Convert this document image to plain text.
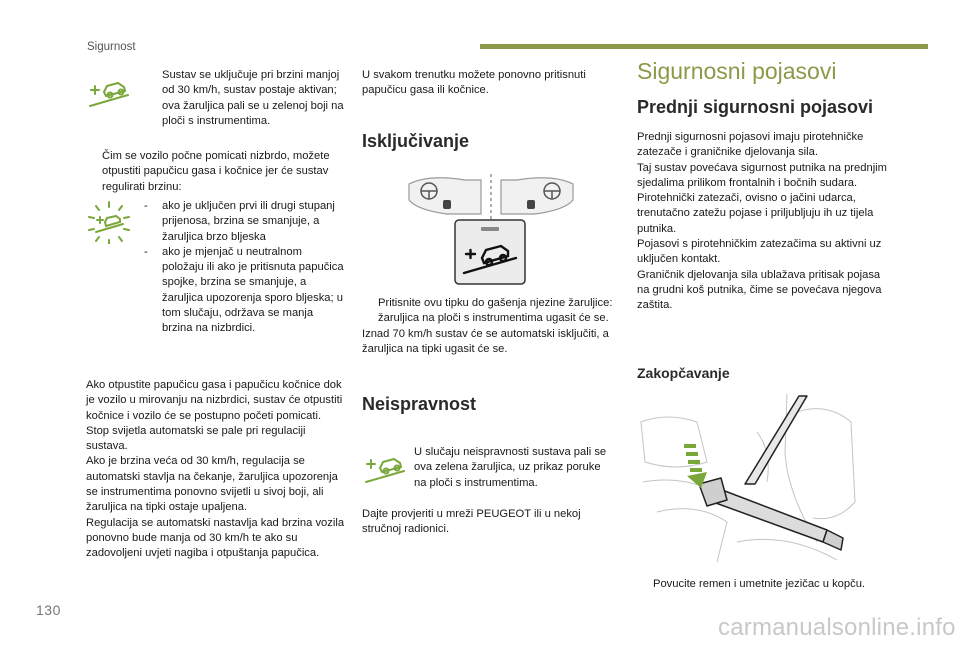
Sigurnost

Sustav se uključuje pri brzini manjoj od 30 km/h, sustav postaje aktivan; ova žaruljica pali se u zelenoj boji na ploči s instrumentima.

Čim se vozilo počne pomicati nizbrdo, možete otpustiti papučicu gasa i kočnice jer će sustav regulirati brzinu:

- ako je uključen prvi ili drugi stupanj prijenosa, brzina se smanjuje, a žaruljica brzo bljeska

- ako je mjenjač u neutralnom položaju ili ako je pritisnuta papučica spojke, brzina se smanjuje, a žaruljica upozorenja sporo bljeska; u tom slučaju, održava se manja brzina na nizbrdici.

Ako otpustite papučicu gasa i papučicu kočnice dok je vozilo u mirovanju na nizbrdici, sustav će otpustiti kočnice i vozilo će se postupno početi pomicati.

Stop svijetla automatski se pale pri regulaciji sustava.

Ako je brzina veća od 30 km/h, regulacija se automatski stavlja na čekanje, žaruljica upozorenja se instrumentima ponovno svijetli u sivoj boji, ali žaruljica na tipki ostaje upaljena.

Regulacija se automatski nastavlja kad brzina vozila ponovno bude manja od 30 km/h te ako su zadovoljeni uvjeti nagiba i otpuštanja papučica.

U svakom trenutku možete ponovno pritisnuti papučicu gasa ili kočnice.

Isključivanje

Pritisnite ovu tipku do gašenja njezine žaruljice: žaruljica na ploči s instrumentima ugasit će se.

Iznad 70 km/h sustav će se automatski isključiti, a žaruljica na tipki ugasit će se.

Neispravnost

U slučaju neispravnosti sustava pali se ova zelena žaruljica, uz prikaz poruke na ploči s instrumentima.

Dajte provjeriti u mreži PEUGEOT ili u nekoj stručnoj radionici.

Sigurnosni pojasovi
Prednji sigurnosni pojasovi

Prednji sigurnosni pojasovi imaju pirotehničke zatezače i graničnike djelovanja sila.

Taj sustav povećava sigurnost putnika na prednjim sjedalima prilikom frontalnih i bočnih sudara. Pirotehnički zatezači, ovisno o jačini udarca, trenutačno zatežu pojase i priljubljuju ih uz tijela putnika.

Pojasovi s pirotehničkim zatezačima su aktivni uz uključen kontakt.

Graničnik djelovanja sila ublažava pritisak pojasa na grudni koš putnika, čime se povećava njegova zaštita.

Zakopčavanje

Povucite remen i umetnite jezičac u kopču.

130
carmanualsonline.info
